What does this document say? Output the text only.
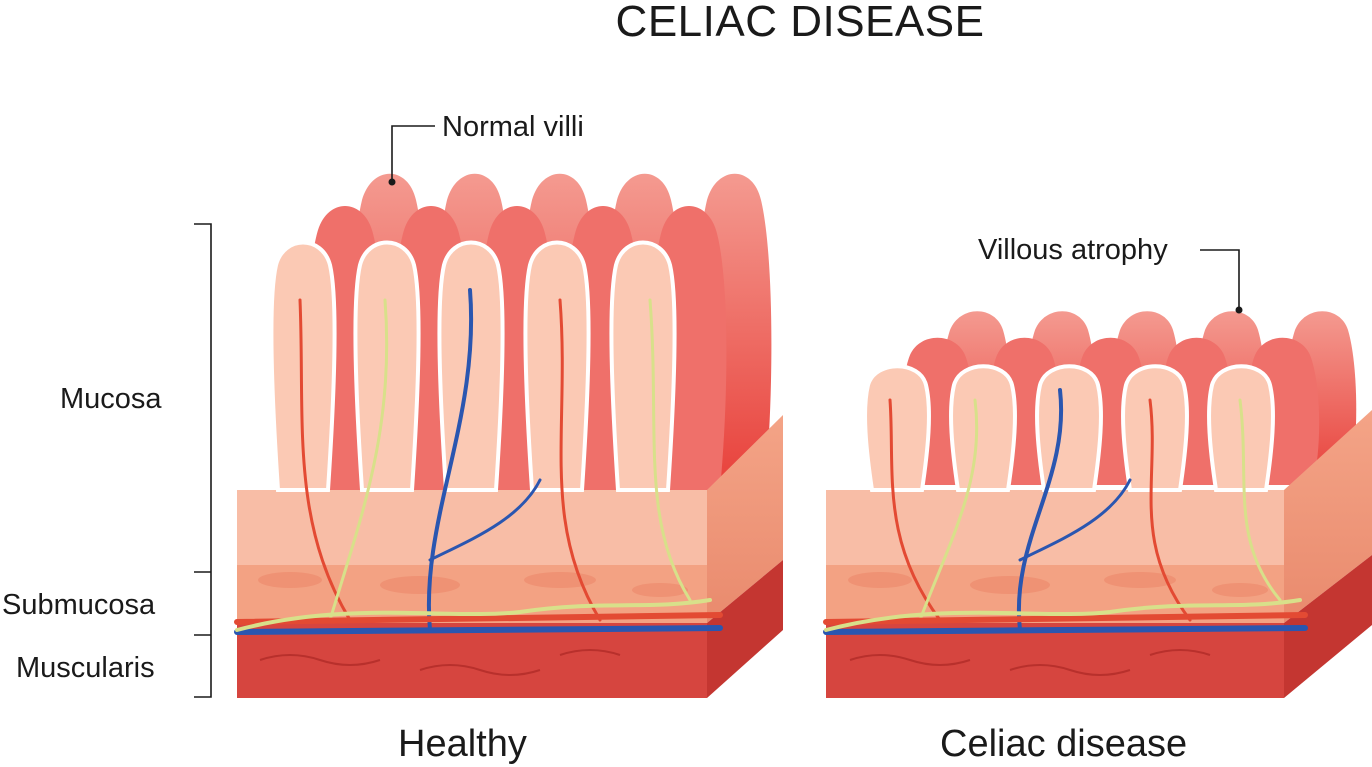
CELIAC DISEASE
Normal villi
Villous atrophy
Mucosa
Submucosa
Muscularis
Healthy	Celiac disease
